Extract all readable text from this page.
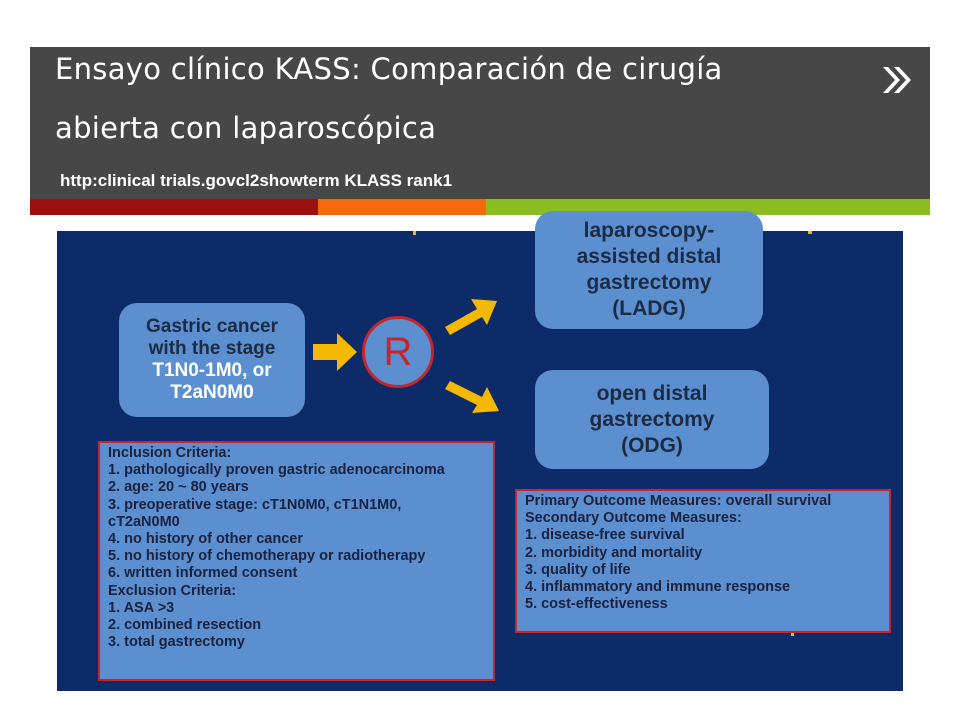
Ensayo clínico KASS: Comparación de cirugía
abierta con laparoscópica
http:clinical trials.govcl2showterm KLASS rank1
Gastric cancer
with the stage
T1N0-1M0, or
T2aN0M0
R
laparoscopy-
assisted distal
gastrectomy
(LADG)
open distal
gastrectomy
(ODG)
Inclusion Criteria:
1. pathologically proven gastric adenocarcinoma
2. age: 20 ~ 80 years
3. preoperative stage: cT1N0M0, cT1N1M0,
cT2aN0M0
4. no history of other cancer
5. no history of chemotherapy or radiotherapy
6. written informed consent
Exclusion Criteria:
1. ASA >3
2. combined resection
3. total gastrectomy
Primary Outcome Measures: overall survival
Secondary Outcome Measures:
1. disease-free survival
2. morbidity and mortality
3. quality of life
4. inflammatory and immune response
5. cost-effectiveness
